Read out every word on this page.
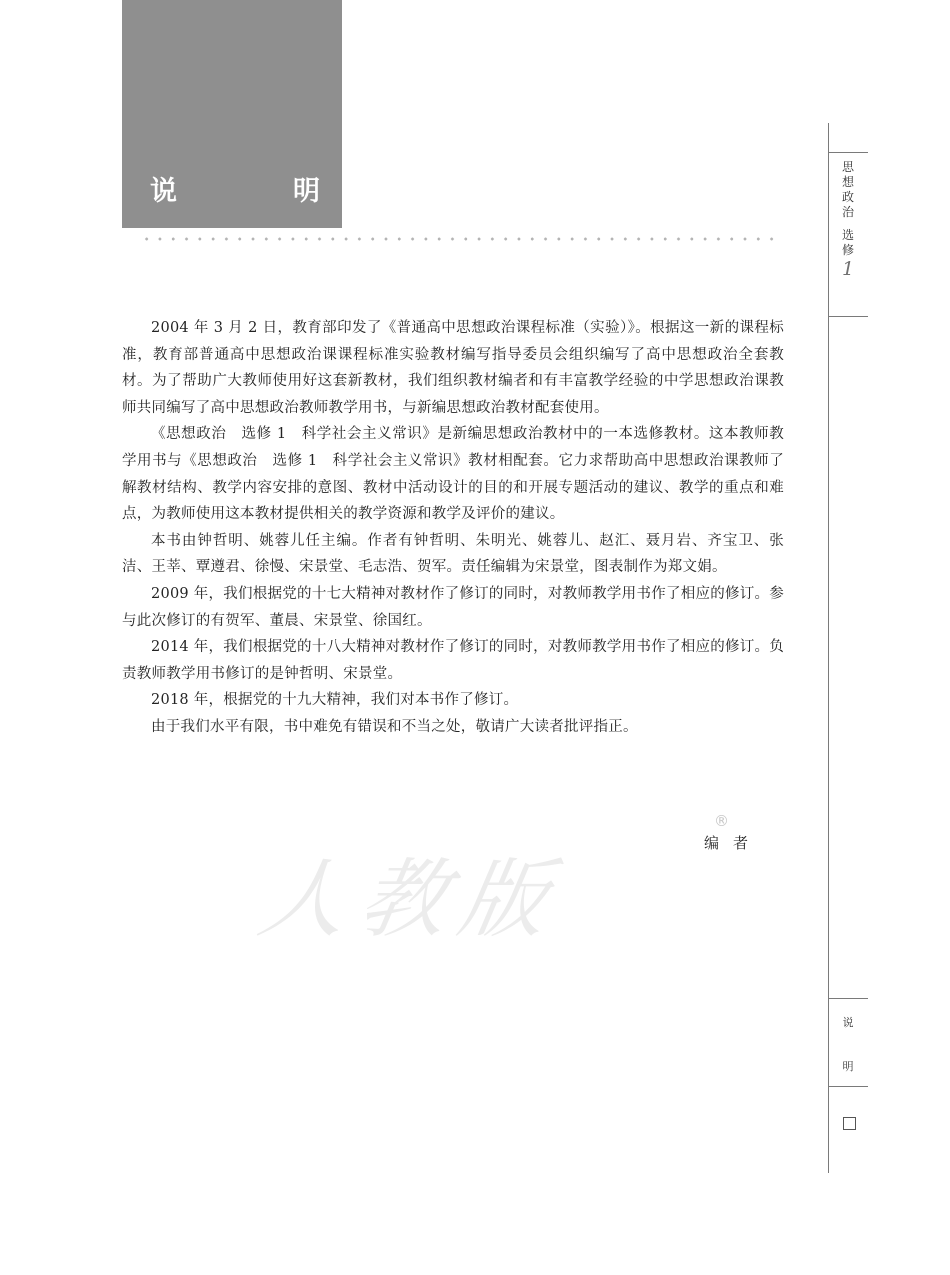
说	明
人教版
®

2004 年 3 月 2 日，教育部印发了《普通高中思想政治课程标准（实验）》。根据这一新的课程标准，教育部普通高中思想政治课课程标准实验教材编写指导委员会组织编写了高中思想政治全套教材。为了帮助广大教师使用好这套新教材，我们组织教材编者和有丰富教学经验的中学思想政治课教师共同编写了高中思想政治教师教学用书，与新编思想政治教材配套使用。

《思想政治　选修 1　科学社会主义常识》是新编思想政治教材中的一本选修教材。这本教师教学用书与《思想政治　选修 1　科学社会主义常识》教材相配套。它力求帮助高中思想政治课教师了解教材结构、教学内容安排的意图、教材中活动设计的目的和开展专题活动的建议、教学的重点和难点，为教师使用这本教材提供相关的教学资源和教学及评价的建议。

本书由钟哲明、姚蓉儿任主编。作者有钟哲明、朱明光、姚蓉儿、赵汇、聂月岩、齐宝卫、张洁、王莘、覃遵君、徐慢、宋景堂、毛志浩、贺军。责任编辑为宋景堂，图表制作为郑文娟。

2009 年，我们根据党的十七大精神对教材作了修订的同时，对教师教学用书作了相应的修订。参与此次修订的有贺军、董晨、宋景堂、徐国红。

2014 年，我们根据党的十八大精神对教材作了修订的同时，对教师教学用书作了相应的修订。负责教师教学用书修订的是钟哲明、宋景堂。

2018 年，根据党的十九大精神，我们对本书作了修订。

由于我们水平有限，书中难免有错误和不当之处，敬请广大读者批评指正。

编者
思
想
政
治
选
修
1
说
明
